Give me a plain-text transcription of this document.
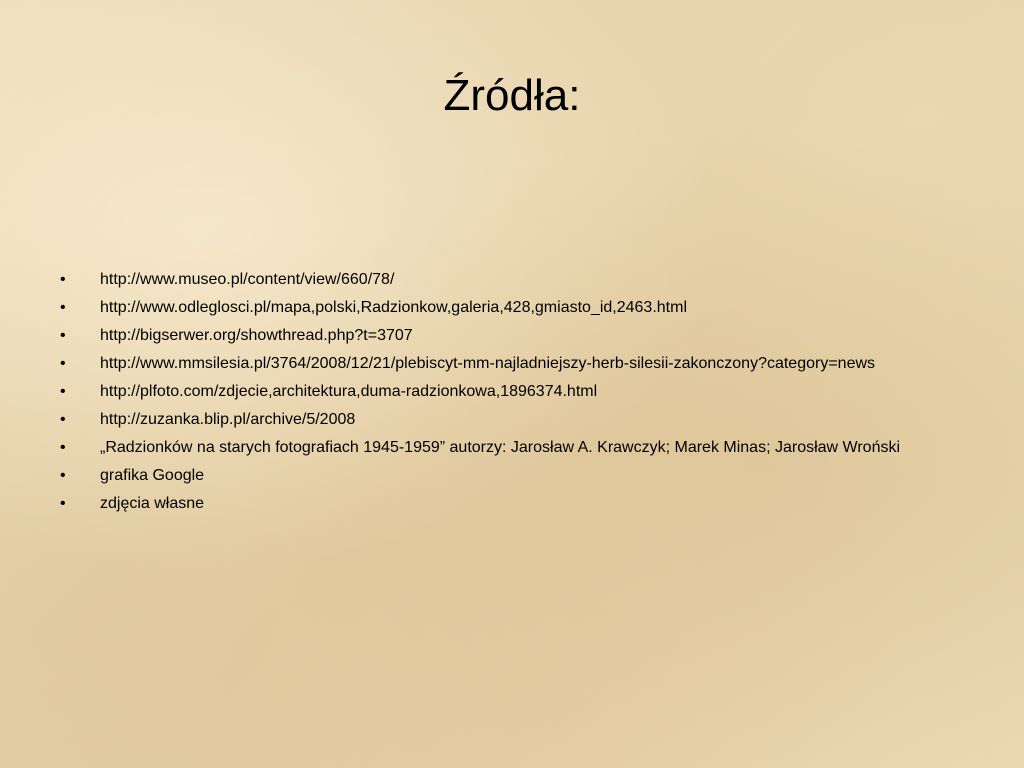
Źródła:
• http://www.museo.pl/content/view/660/78/
• http://www.odleglosci.pl/mapa,polski,Radzionkow,galeria,428,gmiasto_id,2463.html
• http://bigserwer.org/showthread.php?t=3707
• http://www.mmsilesia.pl/3764/2008/12/21/plebiscyt-mm-najladniejszy-herb-silesii-zakonczony?category=news
• http://plfoto.com/zdjecie,architektura,duma-radzionkowa,1896374.html
• http://zuzanka.blip.pl/archive/5/2008
• „Radzionków na starych fotografiach 1945-1959” autorzy: Jarosław A. Krawczyk; Marek Minas; Jarosław Wroński
• grafika Google
• zdjęcia własne
